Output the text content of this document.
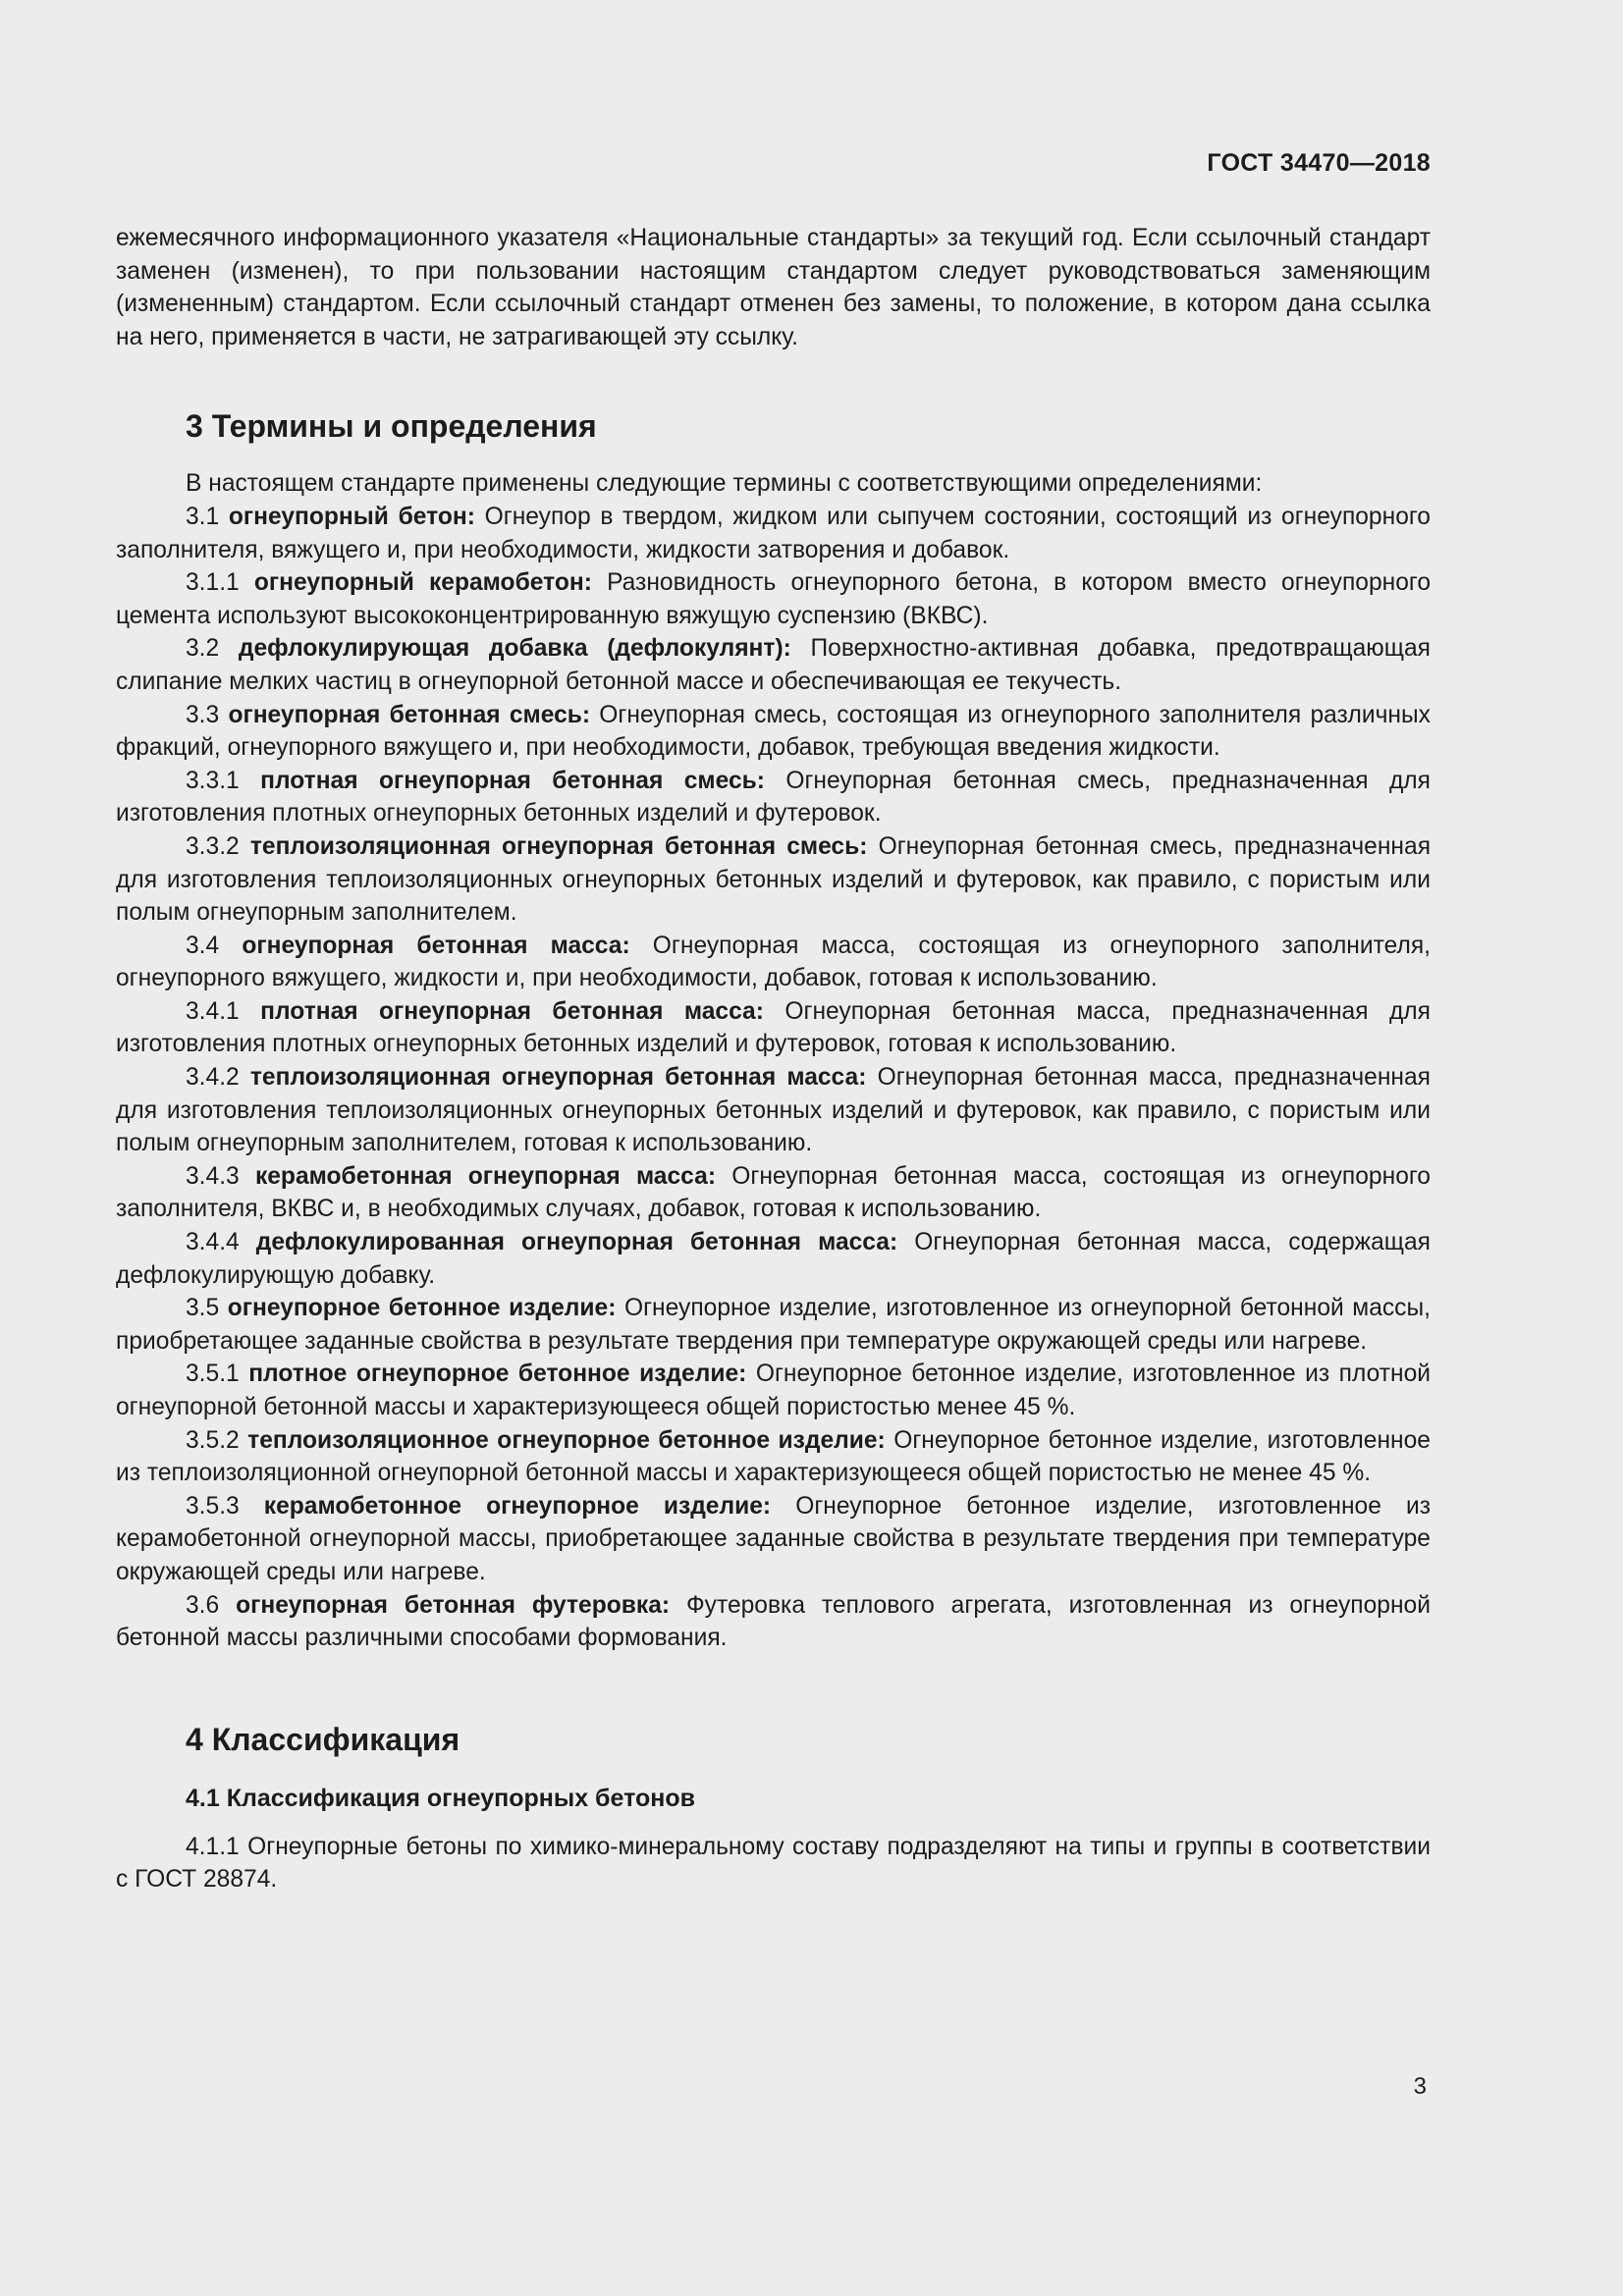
ГОСТ 34470—2018

ежемесячного информационного указателя «Национальные стандарты» за текущий год. Если ссылочный стандарт заменен (изменен), то при пользовании настоящим стандартом следует руководствоваться заменяющим (измененным) стандартом. Если ссылочный стандарт отменен без замены, то положение, в котором дана ссылка на него, применяется в части, не затрагивающей эту ссылку.

3 Термины и определения

В настоящем стандарте применены следующие термины с соответствующими определениями:

3.1 огнеупорный бетон: Огнеупор в твердом, жидком или сыпучем состоянии, состоящий из огнеупорного заполнителя, вяжущего и, при необходимости, жидкости затворения и добавок.

3.1.1 огнеупорный керамобетон: Разновидность огнеупорного бетона, в котором вместо огнеупорного цемента используют высококонцентрированную вяжущую суспензию (ВКВС).

3.2 дефлокулирующая добавка (дефлокулянт): Поверхностно-активная добавка, предотвращающая слипание мелких частиц в огнеупорной бетонной массе и обеспечивающая ее текучесть.

3.3 огнеупорная бетонная смесь: Огнеупорная смесь, состоящая из огнеупорного заполнителя различных фракций, огнеупорного вяжущего и, при необходимости, добавок, требующая введения жидкости.

3.3.1 плотная огнеупорная бетонная смесь: Огнеупорная бетонная смесь, предназначенная для изготовления плотных огнеупорных бетонных изделий и футеровок.

3.3.2 теплоизоляционная огнеупорная бетонная смесь: Огнеупорная бетонная смесь, предназначенная для изготовления теплоизоляционных огнеупорных бетонных изделий и футеровок, как правило, с пористым или полым огнеупорным заполнителем.

3.4 огнеупорная бетонная масса: Огнеупорная масса, состоящая из огнеупорного заполнителя, огнеупорного вяжущего, жидкости и, при необходимости, добавок, готовая к использованию.

3.4.1 плотная огнеупорная бетонная масса: Огнеупорная бетонная масса, предназначенная для изготовления плотных огнеупорных бетонных изделий и футеровок, готовая к использованию.

3.4.2 теплоизоляционная огнеупорная бетонная масса: Огнеупорная бетонная масса, предназначенная для изготовления теплоизоляционных огнеупорных бетонных изделий и футеровок, как правило, с пористым или полым огнеупорным заполнителем, готовая к использованию.

3.4.3 керамобетонная огнеупорная масса: Огнеупорная бетонная масса, состоящая из огнеупорного заполнителя, ВКВС и, в необходимых случаях, добавок, готовая к использованию.

3.4.4 дефлокулированная огнеупорная бетонная масса: Огнеупорная бетонная масса, содержащая дефлокулирующую добавку.

3.5 огнеупорное бетонное изделие: Огнеупорное изделие, изготовленное из огнеупорной бетонной массы, приобретающее заданные свойства в результате твердения при температуре окружающей среды или нагреве.

3.5.1 плотное огнеупорное бетонное изделие: Огнеупорное бетонное изделие, изготовленное из плотной огнеупорной бетонной массы и характеризующееся общей пористостью менее 45 %.

3.5.2 теплоизоляционное огнеупорное бетонное изделие: Огнеупорное бетонное изделие, изготовленное из теплоизоляционной огнеупорной бетонной массы и характеризующееся общей пористостью не менее 45 %.

3.5.3 керамобетонное огнеупорное изделие: Огнеупорное бетонное изделие, изготовленное из керамобетонной огнеупорной массы, приобретающее заданные свойства в результате твердения при температуре окружающей среды или нагреве.

3.6 огнеупорная бетонная футеровка: Футеровка теплового агрегата, изготовленная из огнеупорной бетонной массы различными способами формования.

4 Классификация
4.1 Классификация огнеупорных бетонов

4.1.1 Огнеупорные бетоны по химико-минеральному составу подразделяют на типы и группы в соответствии с ГОСТ 28874.

3
